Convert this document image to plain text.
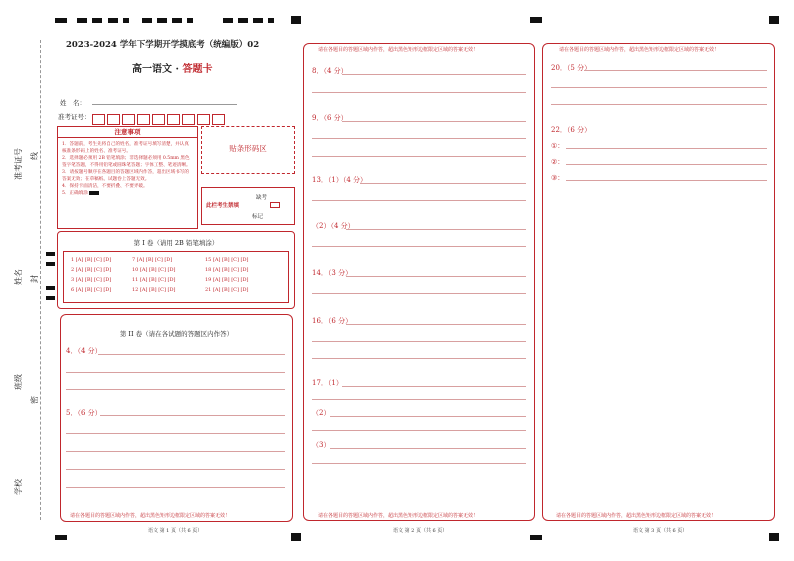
准考证号 线
姓名 封
班级
密
学校
2023-2024 学年下学期开学摸底考（统编版）02
高一语文 · 答题卡
姓　名：
准考证号：
注意事项
1．答题前，考生先将自己的姓名，准考证号填写清楚，并认真核准条形码上的姓名、准考证号。
2．选择题必须用 2B 铅笔填涂；非选择题必须用 0.5mm 黑色签字笔答题，不得用铅笔或圆珠笔答题；字体工整、笔迹清晰。
3．请按题号顺序在各题目的答题区域内作答，超出区域书写的答案无效；在草稿纸、试题卷上答题无效。
4．保持卡面清洁，不要折叠、不要弄破。
5．正确填涂
贴条形码区
此栏考生禁填
缺考
标记
第 I 卷（请用 2B 铅笔填涂）
1 [A] [B] [C] [D]
2 [A] [B] [C] [D]
3 [A] [B] [C] [D]
6 [A] [B] [C] [D]
7 [A] [B] [C] [D]
10 [A] [B] [C] [D]
11 [A] [B] [C] [D]
12 [A] [B] [C] [D]
15 [A] [B] [C] [D]
18 [A] [B] [C] [D]
19 [A] [B] [C] [D]
21 [A] [B] [C] [D]
第 II 卷（请在各试题的答题区内作答）
4．（4 分）
5．（6 分）
请在各题目的答题区域内作答，超出黑色矩形边框限定区域的答案无效！
语文 第 1 页（共 6 页）
请在各题目的答题区域内作答，超出黑色矩形边框限定区域的答案无效！
8．（4 分）
9．（6 分）
13．（1）（4 分）
（2）（4 分）
14．（3 分）
16．（6 分）
17．（1）
（2）
（3）
请在各题目的答题区域内作答，超出黑色矩形边框限定区域的答案无效！
语文 第 2 页（共 6 页）
请在各题目的答题区域内作答，超出黑色矩形边框限定区域的答案无效！
20．（5 分）
22．（6 分）
①：
②：
③：
请在各题目的答题区域内作答，超出黑色矩形边框限定区域的答案无效！
语文 第 3 页（共 6 页）
